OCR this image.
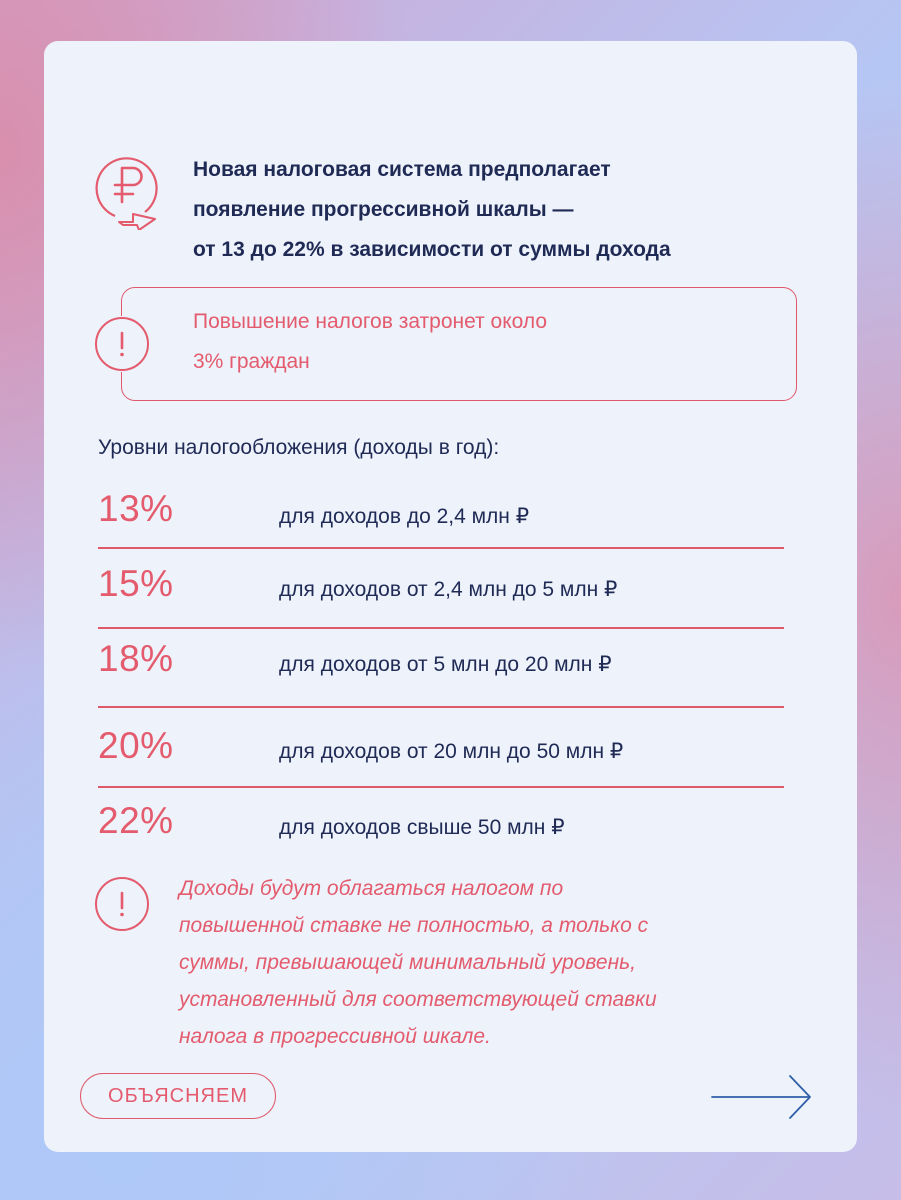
Новая налоговая система предполагает
появление прогрессивной шкалы —
от 13 до 22% в зависимости от суммы дохода
Повышение налогов затронет около
3% граждан
Уровни налогообложения (доходы в год):
13%	для доходов до 2,4 млн ₽
15%	для доходов от 2,4 млн до 5 млн ₽
18%	для доходов от 5 млн до 20 млн ₽
20%	для доходов от 20 млн до 50 млн ₽
22%	для доходов свыше 50 млн ₽
Доходы будут облагаться налогом по
повышенной ставке не полностью, а только с
суммы, превышающей минимальный уровень,
установленный для соответствующей ставки
налога в прогрессивной шкале.
ОБЪЯСНЯЕМ
